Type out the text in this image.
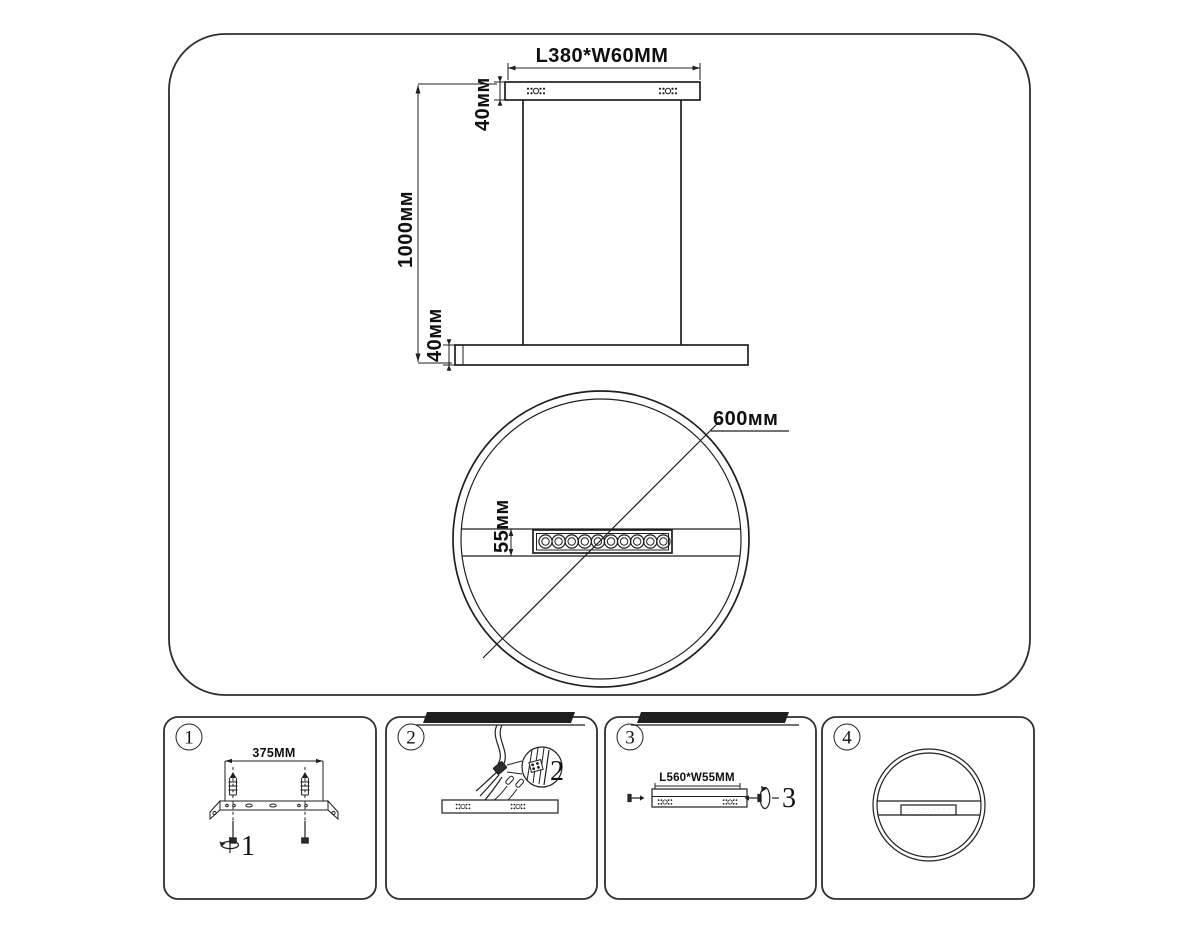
L380*W60MM
40мм
1000мм
40мм
55мм
600мм
1
375MM
1
2
2
3
L560*W55MM
3
4
